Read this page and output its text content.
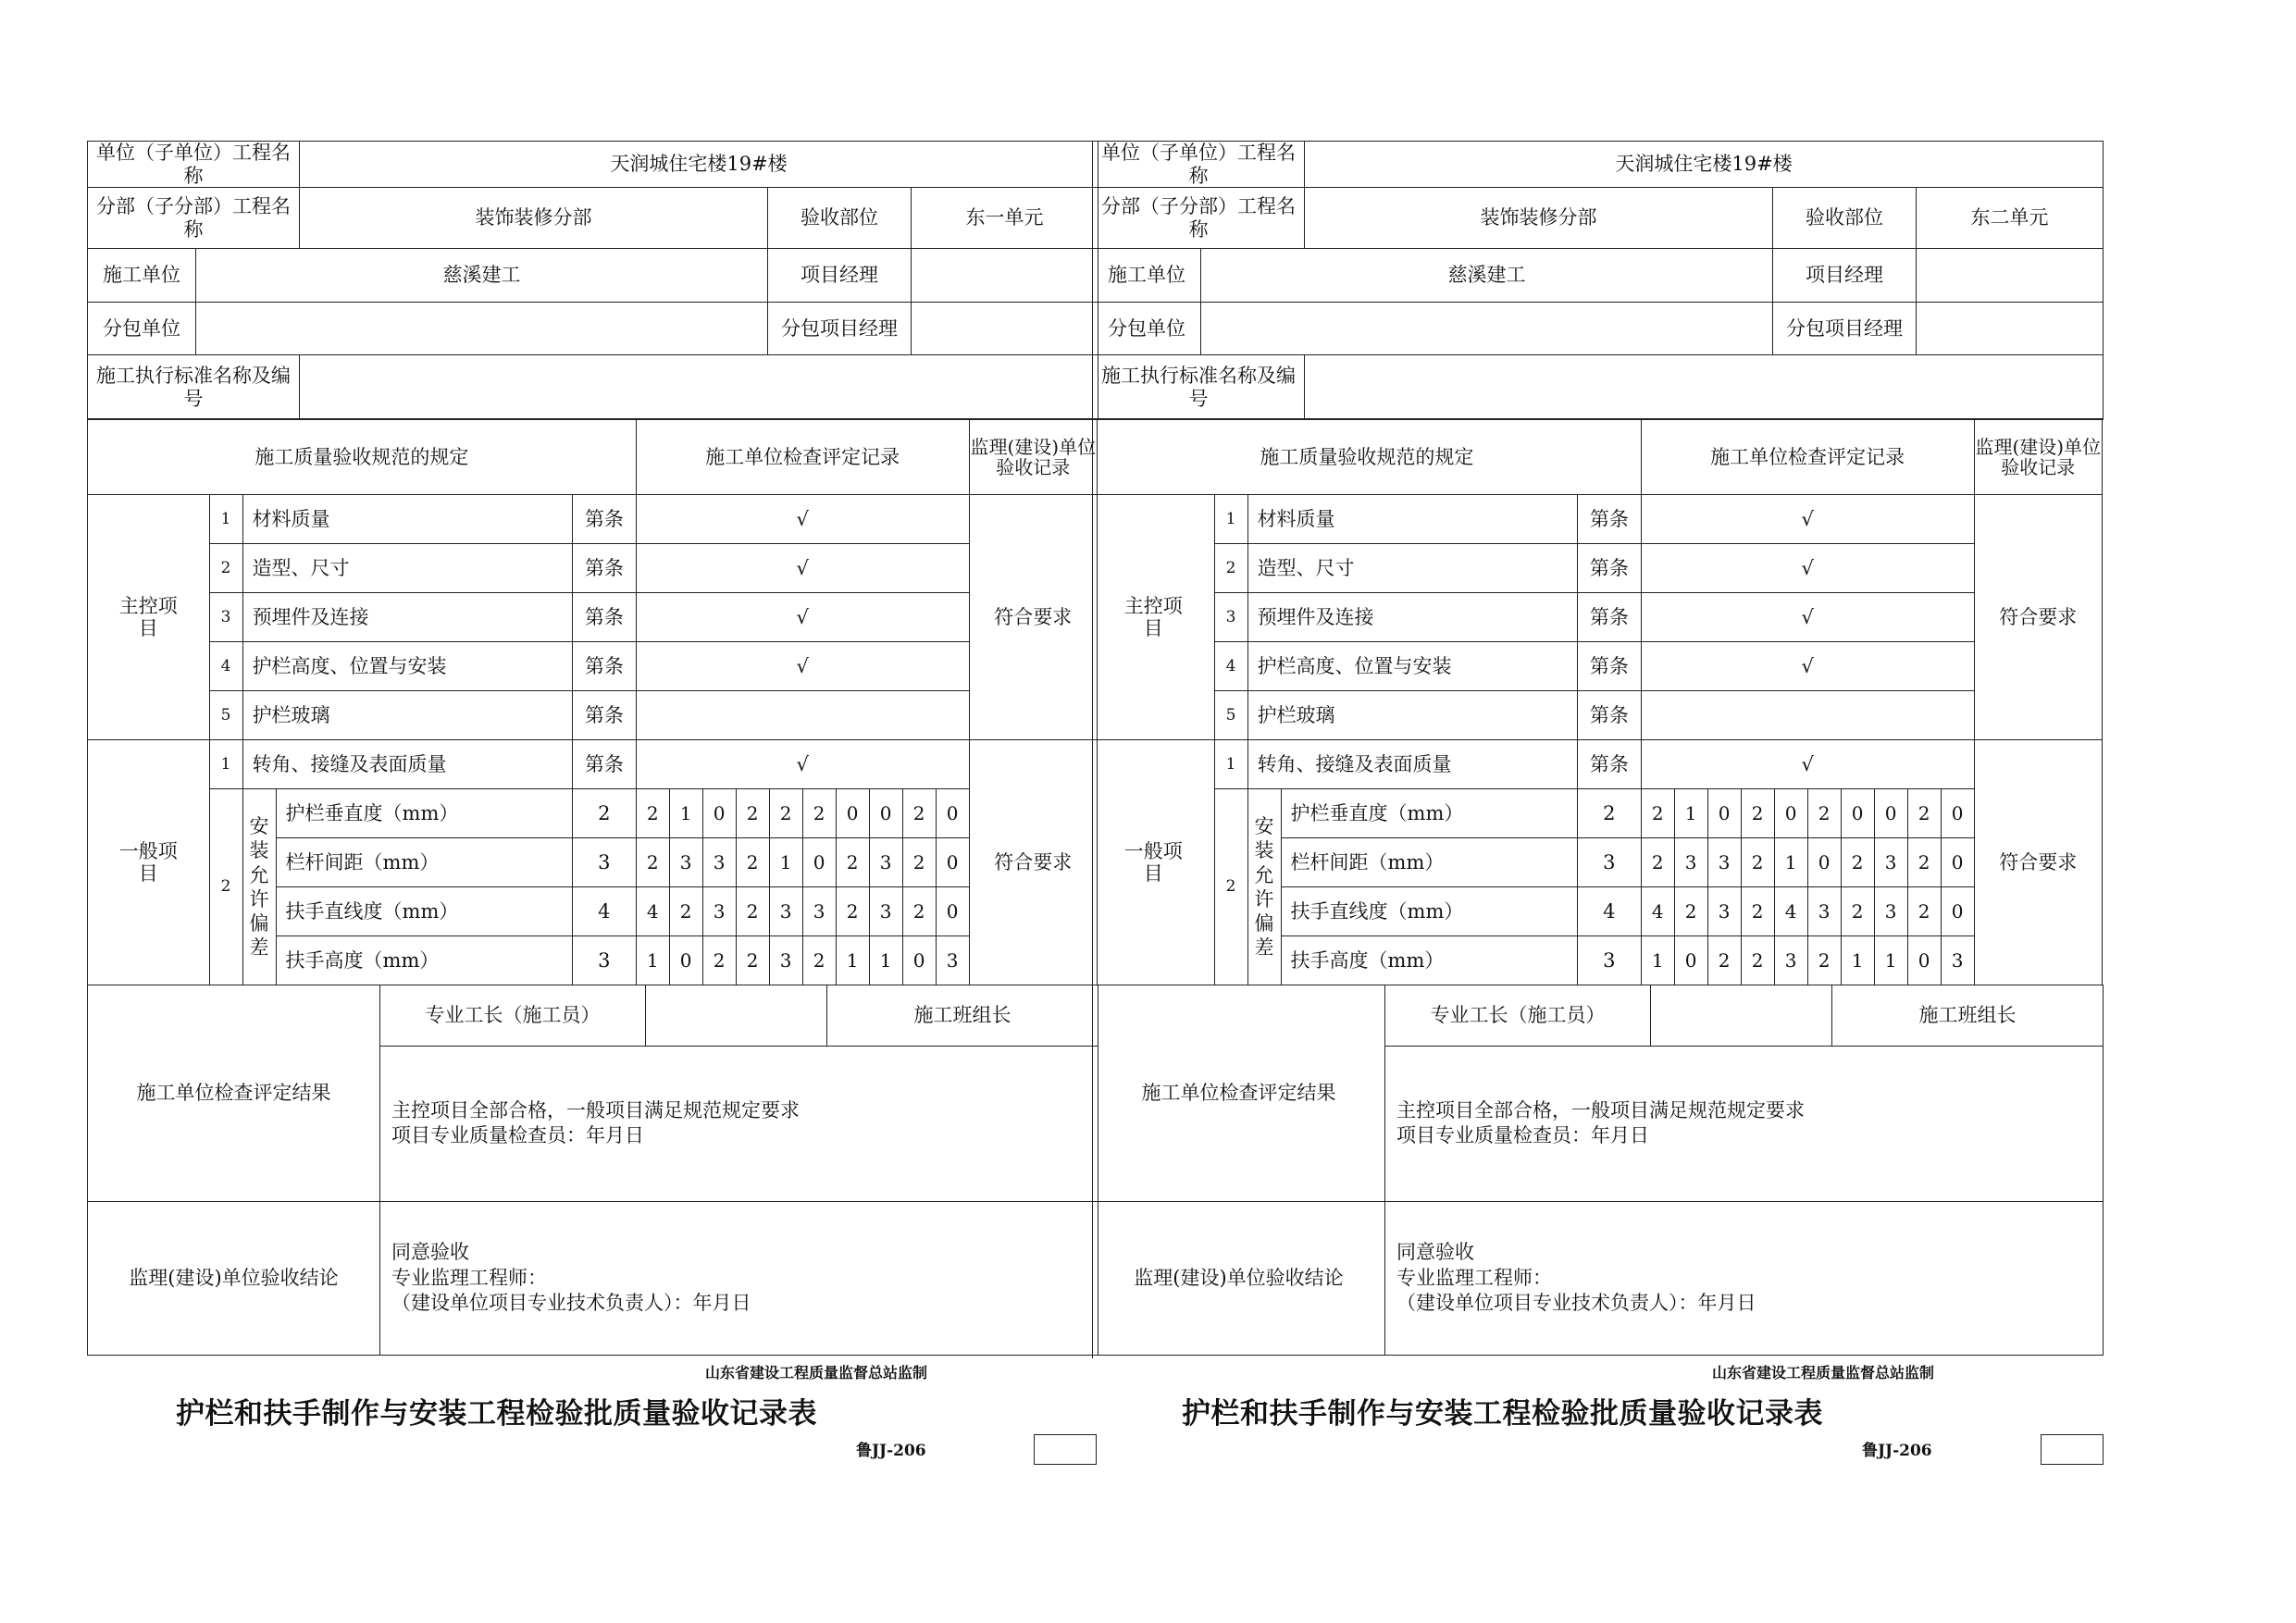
单位（子单位）工程名称		天润城住宅楼19#楼		
分部（子分部）工程名称		装饰装修分部	验收部位	东一单元
施工单位	慈溪建工		项目经理	
分包单位			分包项目经理	
施工执行标准名称及编号				
施工质量验收规范的规定					施工单位检查评定记录										监理(建设)单位验收记录
主控项目	1	材料质量		第条	√										符合要求
	2	造型、尺寸		第条	√										
	3	预埋件及连接		第条	√										
	4	护栏高度、位置与安装		第条	√										
	5	护栏玻璃		第条											
一般项目	1	转角、接缝及表面质量		第条	√										符合要求
	2	安装允许偏差	护栏垂直度（mm）	2	2	1	0	2	2	2	0	0	2	0	
			栏杆间距（mm）	3	2	3	3	2	1	0	2	3	2	0	
			扶手直线度（mm）	4	4	2	3	2	3	3	2	3	2	0	
			扶手高度（mm）	3	1	0	2	2	3	2	1	1	0	3	
施工单位检查评定结果	专业工长（施工员）		施工班组长

	主控项目全部合格，一般项目满足规范规定要求
项目专业质量检查员：年月日		

监理(建设)单位验收结论	同意验收
专业监理工程师：
（建设单位项目专业技术负责人）：年月日		
山东省建设工程质量监督总站监制
护栏和扶手制作与安装工程检验批质量验收记录表
鲁JJ-206
单位（子单位）工程名称		天润城住宅楼19#楼		
分部（子分部）工程名称		装饰装修分部	验收部位	东二单元
施工单位	慈溪建工		项目经理	
分包单位			分包项目经理	
施工执行标准名称及编号				
施工质量验收规范的规定					施工单位检查评定记录										监理(建设)单位验收记录
主控项目	1	材料质量		第条	√										符合要求
	2	造型、尺寸		第条	√										
	3	预埋件及连接		第条	√										
	4	护栏高度、位置与安装		第条	√										
	5	护栏玻璃		第条											
一般项目	1	转角、接缝及表面质量		第条	√										符合要求
	2	安装允许偏差	护栏垂直度（mm）	2	2	1	0	2	0	2	0	0	2	0	
			栏杆间距（mm）	3	2	3	3	2	1	0	2	3	2	0	
			扶手直线度（mm）	4	4	2	3	2	4	3	2	3	2	0	
			扶手高度（mm）	3	1	0	2	2	3	2	1	1	0	3	
施工单位检查评定结果	专业工长（施工员）		施工班组长

	主控项目全部合格，一般项目满足规范规定要求
项目专业质量检查员：年月日		

监理(建设)单位验收结论	同意验收
专业监理工程师：
（建设单位项目专业技术负责人）：年月日		
山东省建设工程质量监督总站监制
护栏和扶手制作与安装工程检验批质量验收记录表
鲁JJ-206
